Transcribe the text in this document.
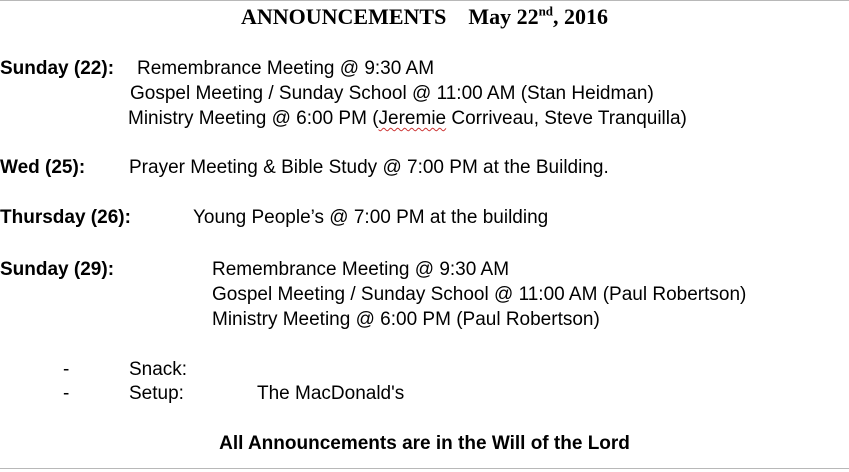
ANNOUNCEMENTS May 22nd, 2016
Sunday (22): Remembrance Meeting @ 9:30 AM
Gospel Meeting / Sunday School @ 11:00 AM (Stan Heidman)
Ministry Meeting @ 6:00 PM (Jeremie Corriveau, Steve Tranquilla)
Wed (25): Prayer Meeting & Bible Study @ 7:00 PM at the Building.
Thursday (26):	Young People’s @ 7:00 PM at the building
Sunday (29):	Remembrance Meeting @ 9:30 AM
Gospel Meeting / Sunday School @ 11:00 AM (Paul Robertson)
Ministry Meeting @ 6:00 PM (Paul Robertson)
-	Snack:
-	Setup:	The MacDonald's
All Announcements are in the Will of the Lord
